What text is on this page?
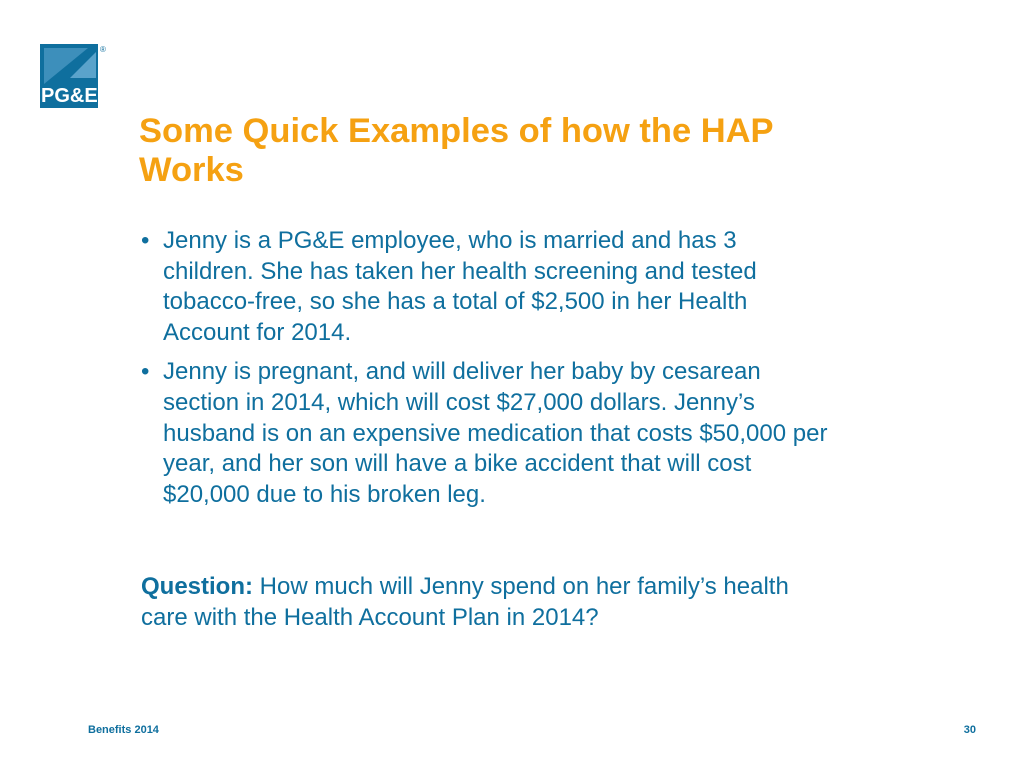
PG&E
®
Some Quick Examples of how the HAP
Works
• Jenny is a PG&E employee, who is married and has 3
children. She has taken her health screening and tested
tobacco-free, so she has a total of $2,500 in her Health
Account for 2014.
• Jenny is pregnant, and will deliver her baby by cesarean
section in 2014, which will cost $27,000 dollars. Jenny’s
husband is on an expensive medication that costs $50,000 per
year, and her son will have a bike accident that will cost
$20,000 due to his broken leg.

Question: How much will Jenny spend on her family’s health
care with the Health Account Plan in 2014?

Benefits 2014	30
